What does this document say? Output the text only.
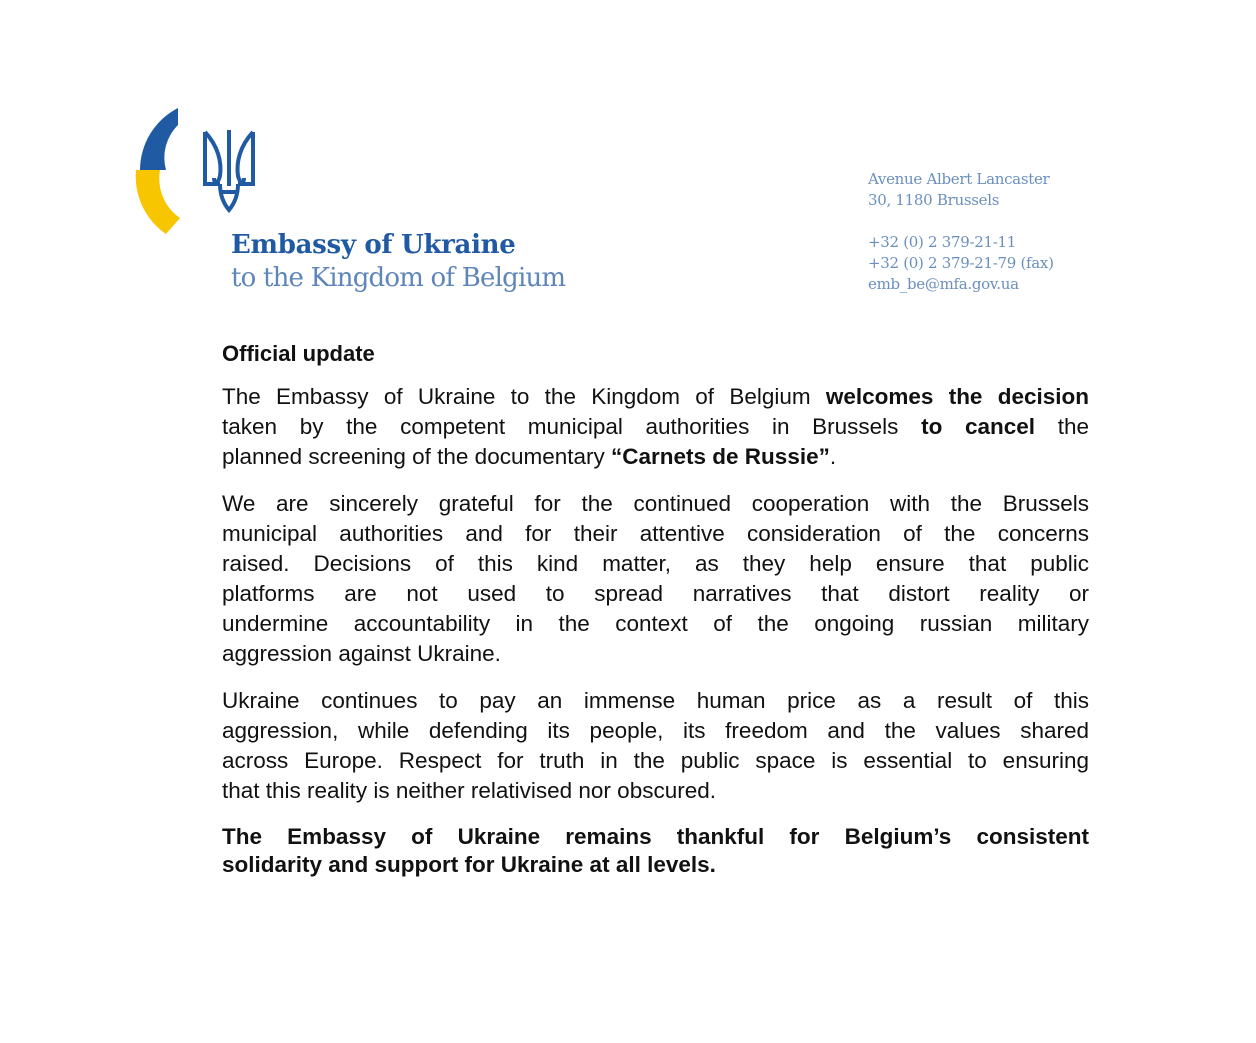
Embassy of Ukraine
to the Kingdom of Belgium
Avenue Albert Lancaster
30, 1180 Brussels
+32 (0) 2 379-21-11
+32 (0) 2 379-21-79 (fax)
emb_be@mfa.gov.ua
Official update
The Embassy of Ukraine to the Kingdom of Belgium welcomes the decision
taken by the competent municipal authorities in Brussels to cancel the
planned screening of the documentary “Carnets de Russie”.
We are sincerely grateful for the continued cooperation with the Brussels
municipal authorities and for their attentive consideration of the concerns
raised. Decisions of this kind matter, as they help ensure that public
platforms are not used to spread narratives that distort reality or
undermine accountability in the context of the ongoing russian military
aggression against Ukraine.
Ukraine continues to pay an immense human price as a result of this
aggression, while defending its people, its freedom and the values shared
across Europe. Respect for truth in the public space is essential to ensuring
that this reality is neither relativised nor obscured.
The Embassy of Ukraine remains thankful for Belgium’s consistent
solidarity and support for Ukraine at all levels.
